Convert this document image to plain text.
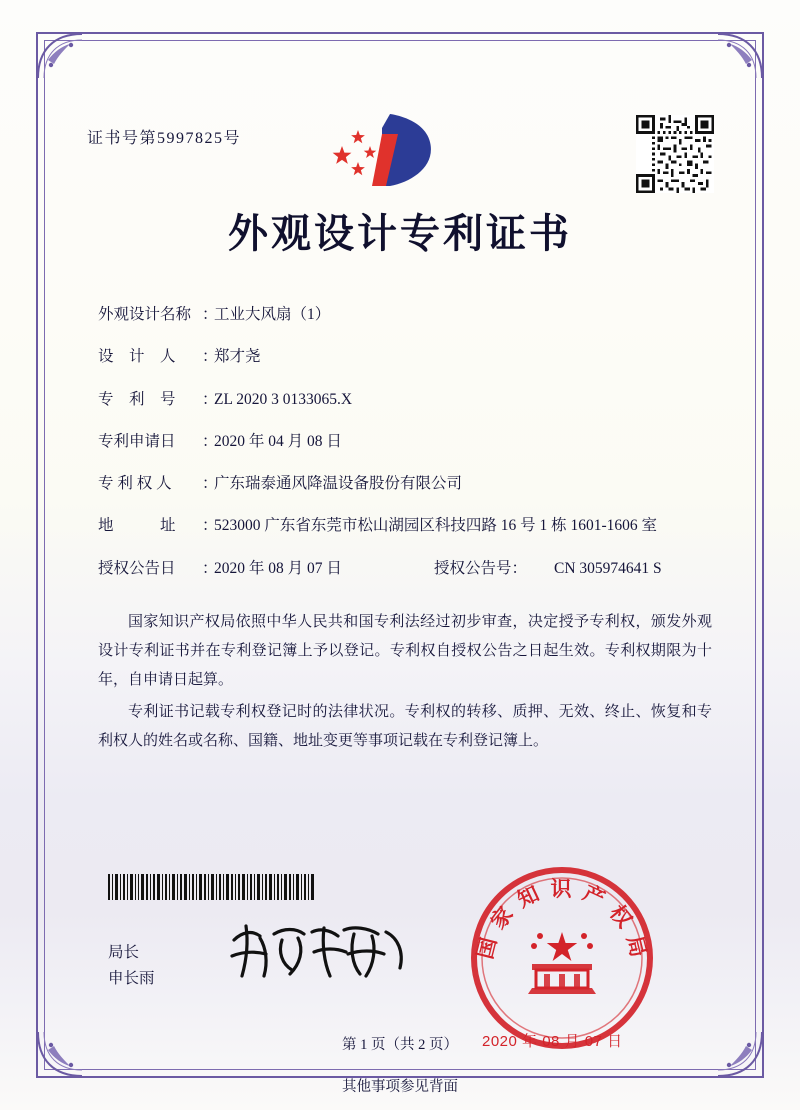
证书号第5997825号
外观设计专利证书
外观设计名称 ：
工业大风扇（1）
设　计　人	：
郑才尧
专　利　号	：
ZL 2020 3 0133065.X
专利申请日	：
2020 年 04 月 08 日
专 利 权 人	：
广东瑞泰通风降温设备股份有限公司
地　　　址	：
523000 广东省东莞市松山湖园区科技四路 16 号 1 栋 1601-1606 室
授权公告日	：
2020 年 08 月 07 日	授权公告号：	CN 305974641 S

国家知识产权局依照中华人民共和国专利法经过初步审查，决定授予专利权，颁发外观设计专利证书并在专利登记簿上予以登记。专利权自授权公告之日起生效。专利权期限为十年，自申请日起算。

专利证书记载专利权登记时的法律状况。专利权的转移、质押、无效、终止、恢复和专利权人的姓名或名称、国籍、地址变更等事项记载在专利登记簿上。

局长
申长雨
国 家 知 识 产 权 局
2020 年 08 月 07 日
第 1 页（共 2 页）
其他事项参见背面
